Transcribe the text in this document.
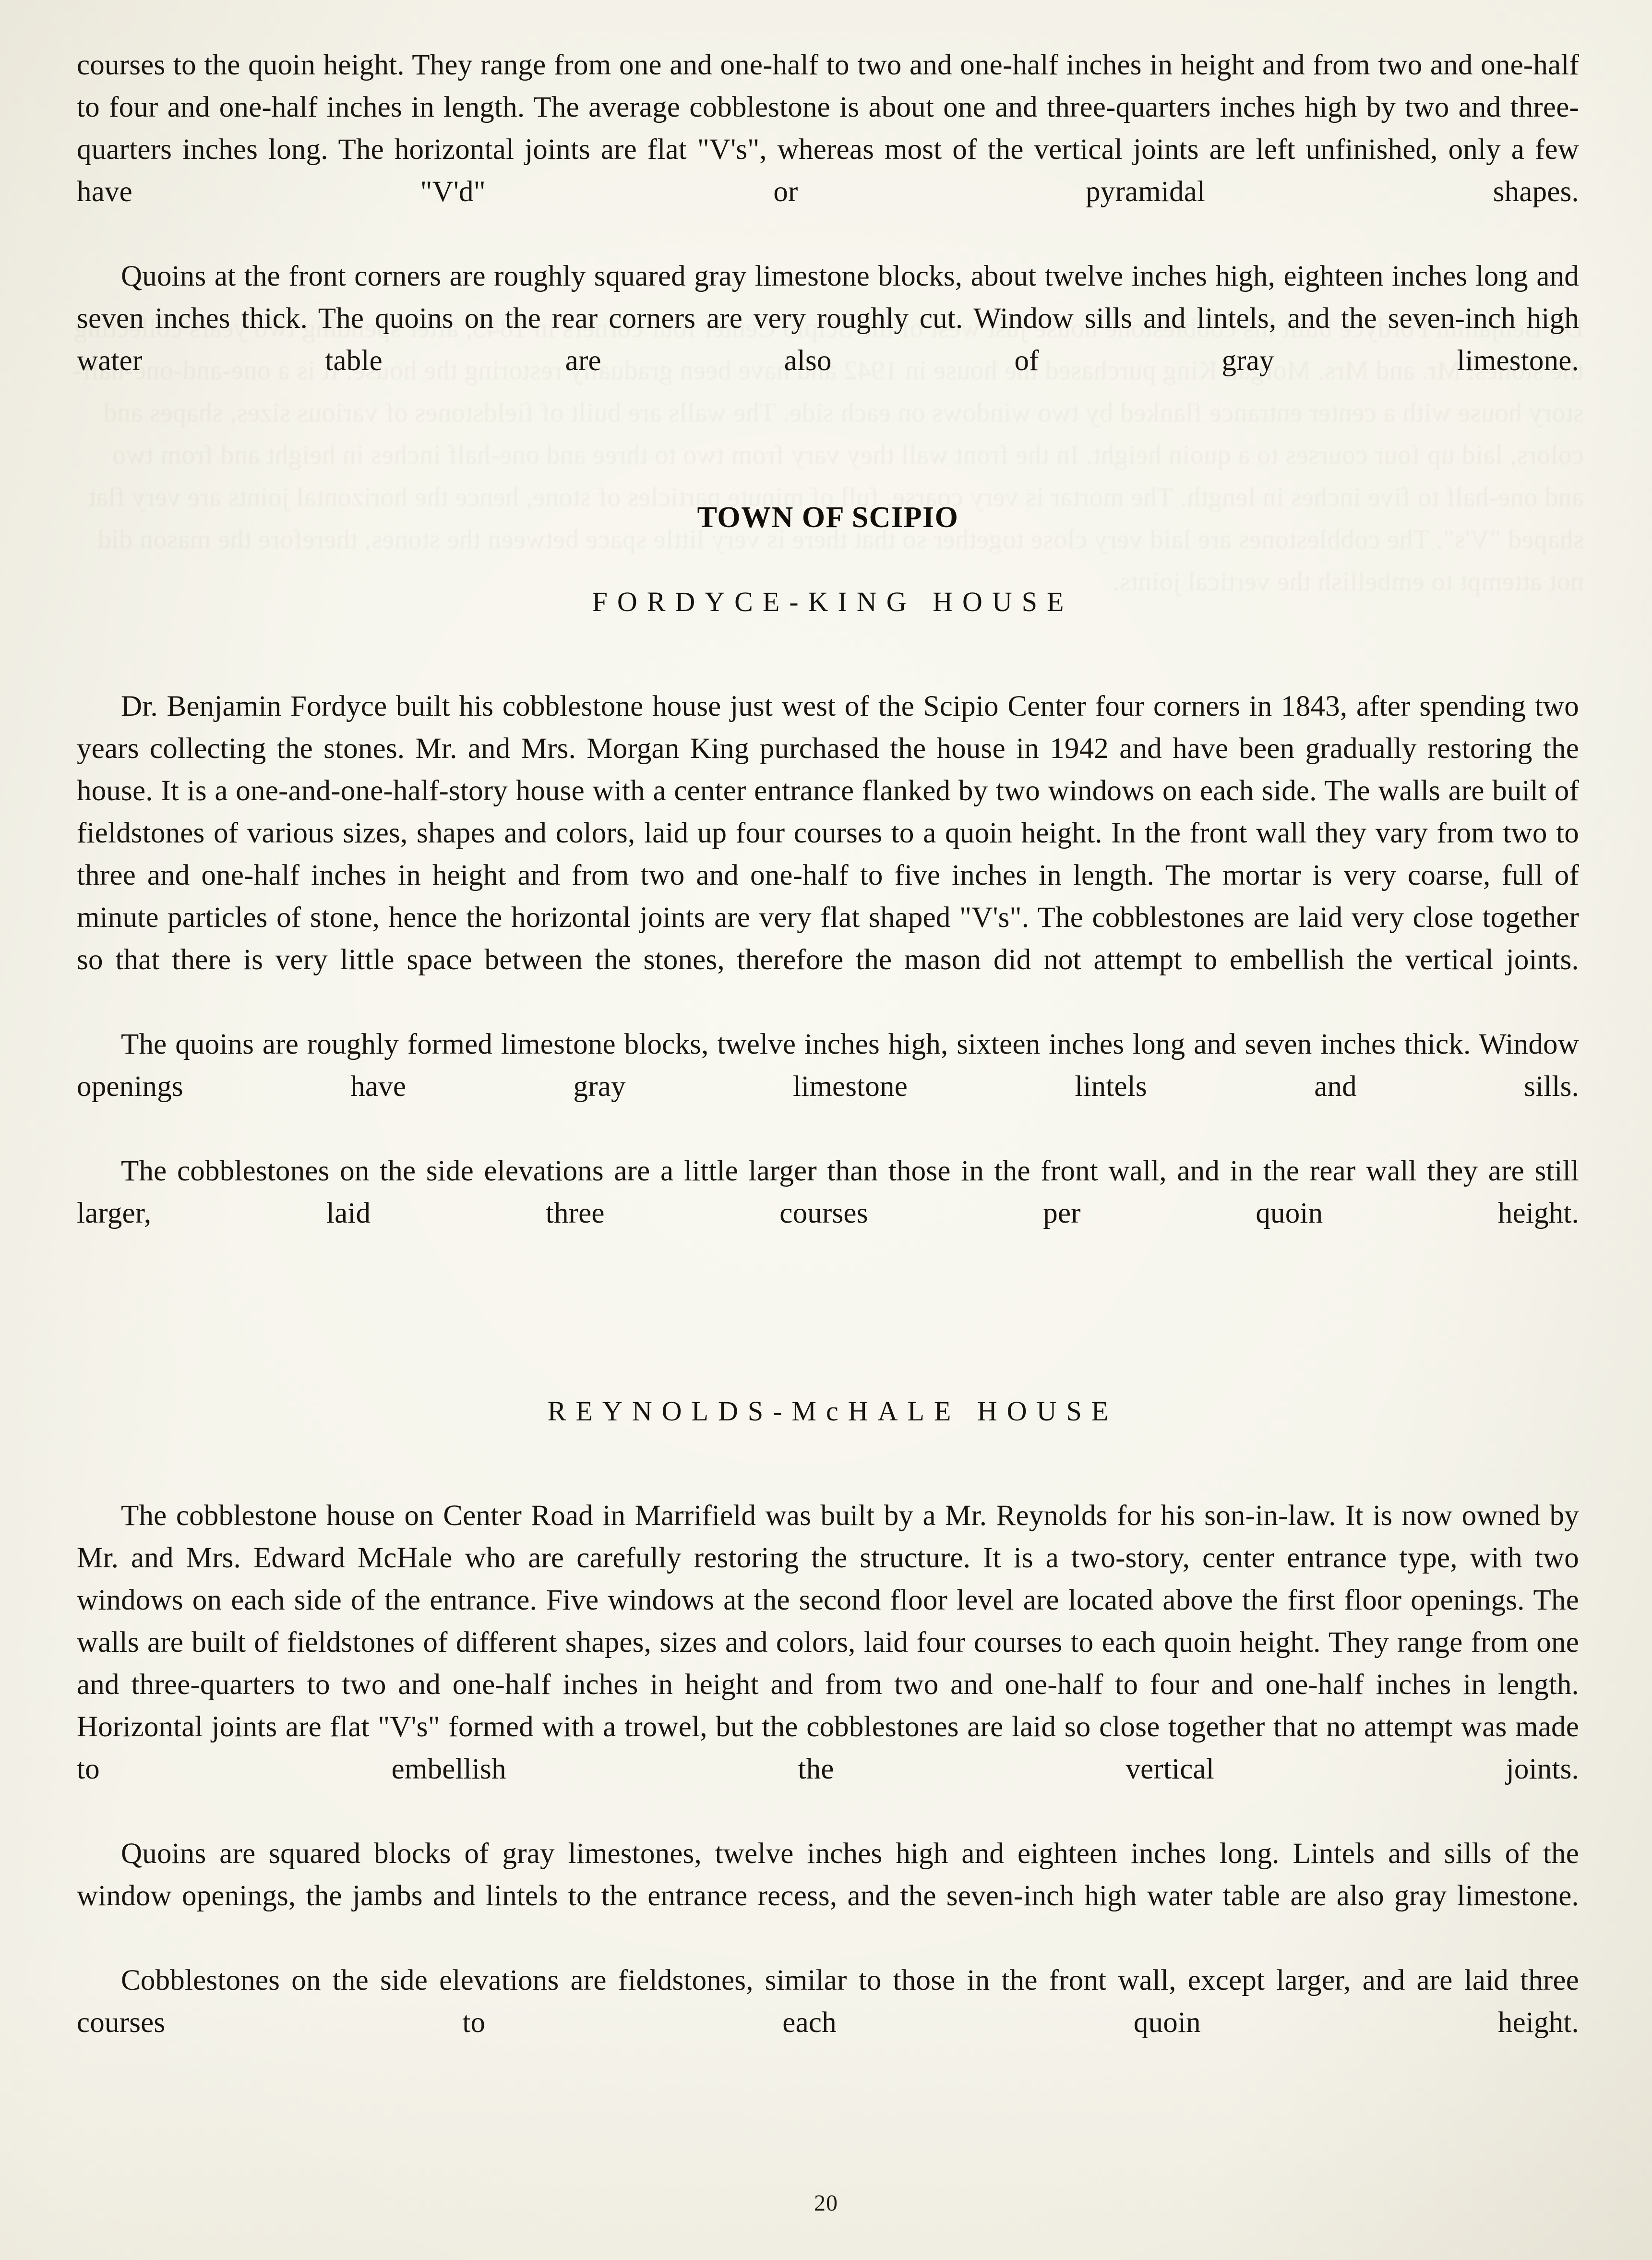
courses to the quoin height. They range from one and one-half to two and one-half inches in height and from two and one-half to four and one-half inches in length. The average cobblestone is about one and three-quarters inches high by two and three-quarters inches long. The horizontal joints are flat "V's", whereas most of the vertical joints are left unfinished, only a few have "V'd" or pyramidal shapes.

Quoins at the front corners are roughly squared gray limestone blocks, about twelve inches high, eighteen inches long and seven inches thick. The quoins on the rear corners are very roughly cut. Window sills and lintels, and the seven-inch high water table are also of gray limestone.

TOWN OF SCIPIO
FORDYCE-KING HOUSE

Dr. Benjamin Fordyce built his cobblestone house just west of the Scipio Center four corners in 1843, after spending two years collecting the stones. Mr. and Mrs. Morgan King purchased the house in 1942 and have been gradually restoring the house. It is a one-and-one-half-story house with a center entrance flanked by two windows on each side. The walls are built of fieldstones of various sizes, shapes and colors, laid up four courses to a quoin height. In the front wall they vary from two to three and one-half inches in height and from two and one-half to five inches in length. The mortar is very coarse, full of minute particles of stone, hence the horizontal joints are very flat shaped "V's". The cobblestones are laid very close together so that there is very little space between the stones, therefore the mason did not attempt to embellish the vertical joints.

The quoins are roughly formed limestone blocks, twelve inches high, sixteen inches long and seven inches thick. Window openings have gray limestone lintels and sills.

The cobblestones on the side elevations are a little larger than those in the front wall, and in the rear wall they are still larger, laid three courses per quoin height.

REYNOLDS-McHALE HOUSE

The cobblestone house on Center Road in Marrifield was built by a Mr. Reynolds for his son-in-law. It is now owned by Mr. and Mrs. Edward McHale who are carefully restoring the structure. It is a two-story, center entrance type, with two windows on each side of the entrance. Five windows at the second floor level are located above the first floor openings. The walls are built of fieldstones of different shapes, sizes and colors, laid four courses to each quoin height. They range from one and three-quarters to two and one-half inches in height and from two and one-half to four and one-half inches in length. Horizontal joints are flat "V's" formed with a trowel, but the cobblestones are laid so close together that no attempt was made to embellish the vertical joints.

Quoins are squared blocks of gray limestones, twelve inches high and eighteen inches long. Lintels and sills of the window openings, the jambs and lintels to the entrance recess, and the seven-inch high water table are also gray limestone.

Cobblestones on the side elevations are fieldstones, similar to those in the front wall, except larger, and are laid three courses to each quoin height.

20
